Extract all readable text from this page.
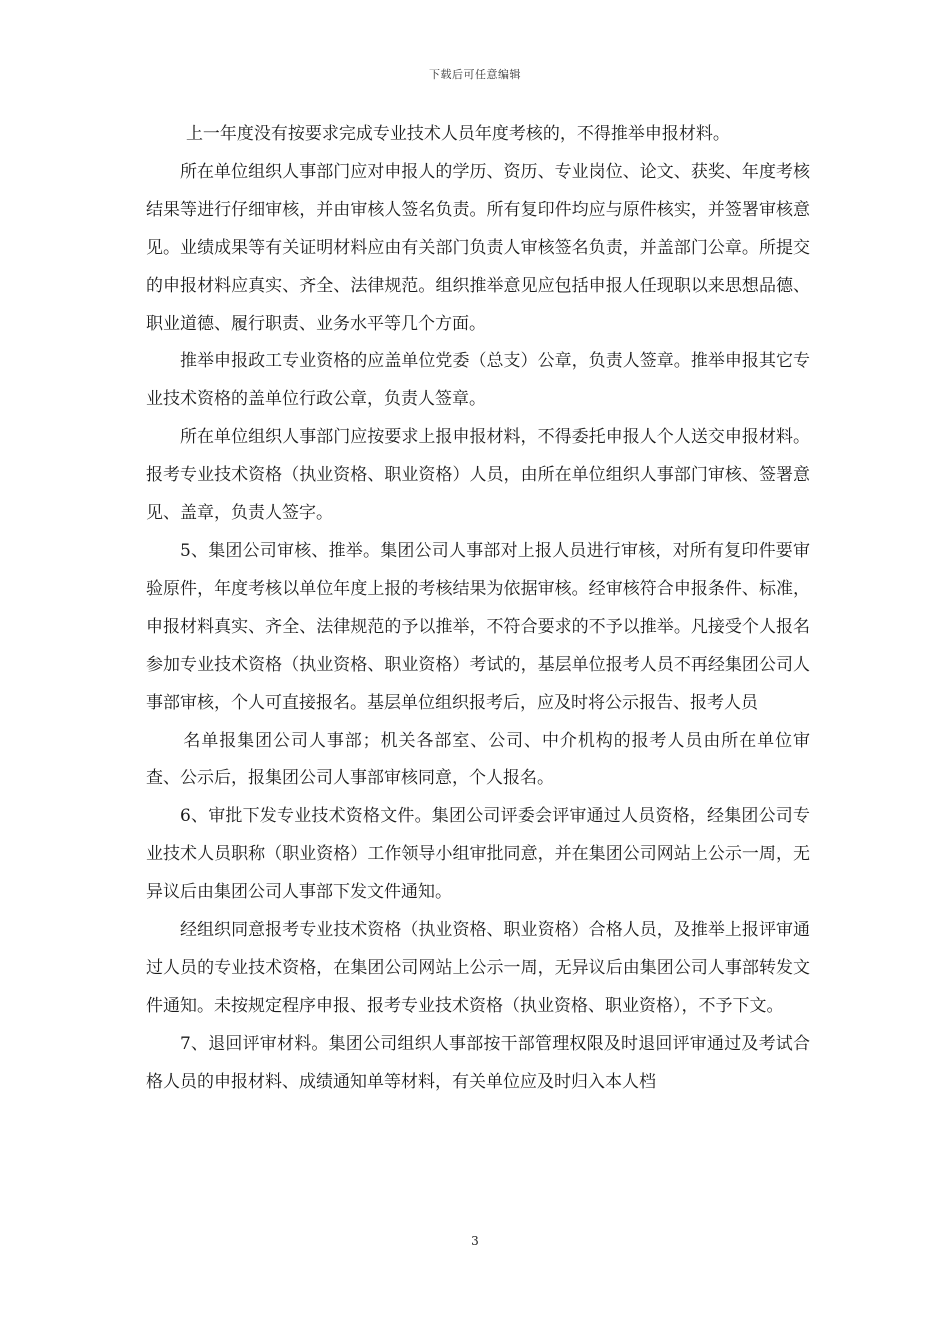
下载后可任意编辑

上一年度没有按要求完成专业技术人员年度考核的，不得推举申报材料。

所在单位组织人事部门应对申报人的学历、资历、专业岗位、论文、获奖、年度考核结果等进行仔细审核，并由审核人签名负责。所有复印件均应与原件核实，并签署审核意见。业绩成果等有关证明材料应由有关部门负责人审核签名负责，并盖部门公章。所提交的申报材料应真实、齐全、法律规范。组织推举意见应包括申报人任现职以来思想品德、职业道德、履行职责、业务水平等几个方面。

推举申报政工专业资格的应盖单位党委（总支）公章，负责人签章。推举申报其它专业技术资格的盖单位行政公章，负责人签章。

所在单位组织人事部门应按要求上报申报材料，不得委托申报人个人送交申报材料。报考专业技术资格（执业资格、职业资格）人员，由所在单位组织人事部门审核、签署意见、盖章，负责人签字。

5、集团公司审核、推举。集团公司人事部对上报人员进行审核，对所有复印件要审验原件，年度考核以单位年度上报的考核结果为依据审核。经审核符合申报条件、标准，申报材料真实、齐全、法律规范的予以推举，不符合要求的不予以推举。凡接受个人报名参加专业技术资格（执业资格、职业资格）考试的，基层单位报考人员不再经集团公司人事部审核，个人可直接报名。基层单位组织报考后，应及时将公示报告、报考人员

名单报集团公司人事部；机关各部室、公司、中介机构的报考人员由所在单位审查、公示后，报集团公司人事部审核同意，个人报名。

6、审批下发专业技术资格文件。集团公司评委会评审通过人员资格，经集团公司专业技术人员职称（职业资格）工作领导小组审批同意，并在集团公司网站上公示一周，无异议后由集团公司人事部下发文件通知。

经组织同意报考专业技术资格（执业资格、职业资格）合格人员，及推举上报评审通过人员的专业技术资格，在集团公司网站上公示一周，无异议后由集团公司人事部转发文件通知。未按规定程序申报、报考专业技术资格（执业资格、职业资格），不予下文。

7、退回评审材料。集团公司组织人事部按干部管理权限及时退回评审通过及考试合格人员的申报材料、成绩通知单等材料，有关单位应及时归入本人档

3
